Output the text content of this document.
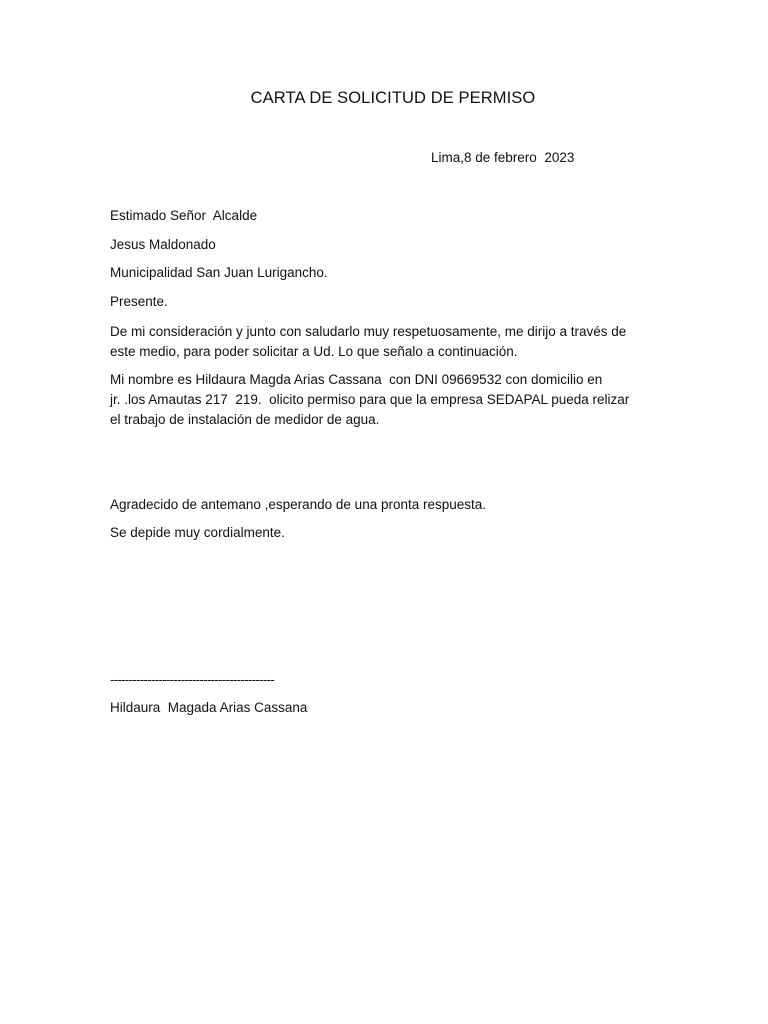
CARTA DE SOLICITUD DE PERMISO
Lima,8 de febrero  2023
Estimado Señor  Alcalde
Jesus Maldonado
Municipalidad San Juan Lurigancho.
Presente.
De mi consideración y junto con saludarlo muy respetuosamente, me dirijo a través de
este medio, para poder solicitar a Ud. Lo que señalo a continuación.
Mi nombre es Hildaura Magda Arias Cassana  con DNI 09669532 con domicilio en
jr. .los Amautas 217  219.  olicito permiso para que la empresa SEDAPAL pueda relizar
el trabajo de instalación de medidor de agua.
Agradecido de antemano ,esperando de una pronta respuesta.
Se depide muy cordialmente.
--------------------------------------------
Hildaura  Magada Arias Cassana
